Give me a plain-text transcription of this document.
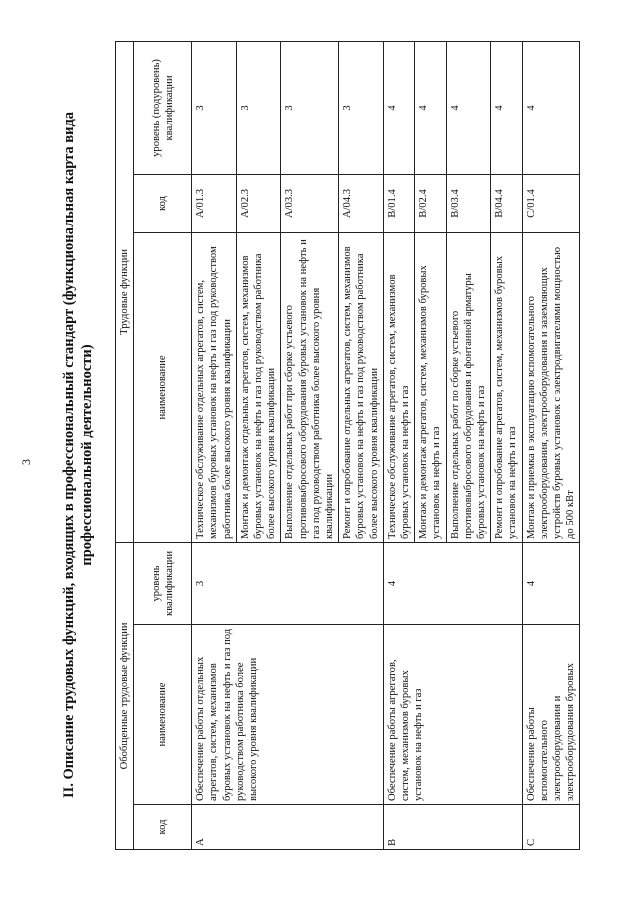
3 II. Описание трудовых функций, входящих в профессиональный стандарт (функциональная карта вида профессиональной деятельности)
Обобщенные трудовые функции			Трудовые функции		
код	наименование	уровень квалификации	наименование	код	уровень (подуровень) квалификации
A	Обеспечение работы отдельных агрегатов, систем, механизмов буровых установок на нефть и газ под руководством работника более высокого уровня квалификации	3	Техническое обслуживание отдельных агрегатов, систем, механизмов буровых установок на нефть и газ под руководством работника более высокого уровня квалификации	A/01.3	3
			Монтаж и демонтаж отдельных агрегатов, систем, механизмов буровых установок на нефть и газ под руководством работника более высокого уровня квалификации	A/02.3	3
			Выполнение отдельных работ при сборке устьевого противовыбросового оборудования буровых установок на нефть и газ под руководством работника более высокого уровня квалификации	A/03.3	3
			Ремонт и опробование отдельных агрегатов, систем, механизмов буровых установок на нефть и газ под руководством работника более высокого уровня квалификации	A/04.3	3
B	Обеспечение работы агрегатов, систем, механизмов буровых установок на нефть и газ	4	Техническое обслуживание агрегатов, систем, механизмов буровых установок на нефть и газ	B/01.4	4
			Монтаж и демонтаж агрегатов, систем, механизмов буровых установок на нефть и газ	B/02.4	4
			Выполнение отдельных работ по сборке устьевого противовыбросового оборудования и фонтанной арматуры буровых установок на нефть и газ	B/03.4	4
			Ремонт и опробование агрегатов, систем, механизмов буровых установок на нефть и газ	B/04.4	4
C	Обеспечение работы вспомогательного электрооборудования и электрооборудования буровых	4	Монтаж и приемка в эксплуатацию вспомогательного электрооборудования, электрооборудования и заземляющих устройств буровых установок с электродвигателями мощностью до 500 кВт	C/01.4	4
